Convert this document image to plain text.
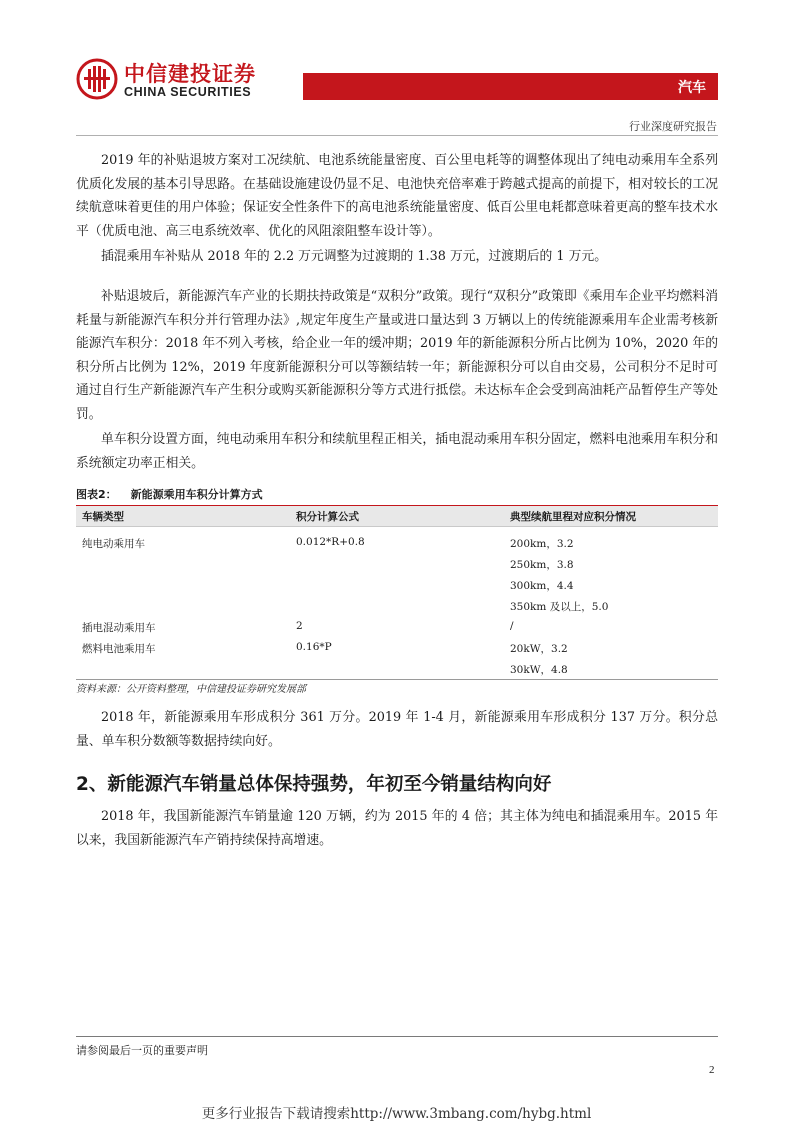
中信建投证券
CHINA SECURITIES	汽车
行业深度研究报告
2019 年的补贴退坡方案对工况续航、电池系统能量密度、百公里电耗等的调整体现出了纯电动乘用车全系列优质化发展的基本引导思路。在基础设施建设仍显不足、电池快充倍率难于跨越式提高的前提下，相对较长的工况续航意味着更佳的用户体验；保证安全性条件下的高电池系统能量密度、低百公里电耗都意味着更高的整车技术水平（优质电池、高三电系统效率、优化的风阻滚阻整车设计等）。
插混乘用车补贴从 2018 年的 2.2 万元调整为过渡期的 1.38 万元，过渡期后的 1 万元。
补贴退坡后，新能源汽车产业的长期扶持政策是“双积分”政策。现行“双积分”政策即《乘用车企业平均燃料消耗量与新能源汽车积分并行管理办法》,规定年度生产量或进口量达到 3 万辆以上的传统能源乘用车企业需考核新能源汽车积分：2018 年不列入考核，给企业一年的缓冲期；2019 年的新能源积分所占比例为 10%，2020 年的积分所占比例为 12%，2019 年度新能源积分可以等额结转一年；新能源积分可以自由交易，公司积分不足时可通过自行生产新能源汽车产生积分或购买新能源积分等方式进行抵偿。未达标车企会受到高油耗产品暂停生产等处罚。
单车积分设置方面，纯电动乘用车积分和续航里程正相关，插电混动乘用车积分固定，燃料电池乘用车积分和系统额定功率正相关。
图表2： 新能源乘用车积分计算方式
车辆类型	积分计算公式	典型续航里程对应积分情况
纯电动乘用车	0.012*R+0.8	200km，3.2
250km，3.8
300km，4.4
350km 及以上，5.0
插电混动乘用车	2	/
燃料电池乘用车	0.16*P	20kW，3.2
30kW，4.8
资料来源：公开资料整理，中信建投证券研究发展部
2018 年，新能源乘用车形成积分 361 万分。2019 年 1-4 月，新能源乘用车形成积分 137 万分。积分总量、单车积分数额等数据持续向好。
2、新能源汽车销量总体保持强势，年初至今销量结构向好
2018 年，我国新能源汽车销量逾 120 万辆，约为 2015 年的 4 倍；其主体为纯电和插混乘用车。2015 年以来，我国新能源汽车产销持续保持高增速。
请参阅最后一页的重要声明
2
更多行业报告下载请搜索http://www.3mbang.com/hybg.html
